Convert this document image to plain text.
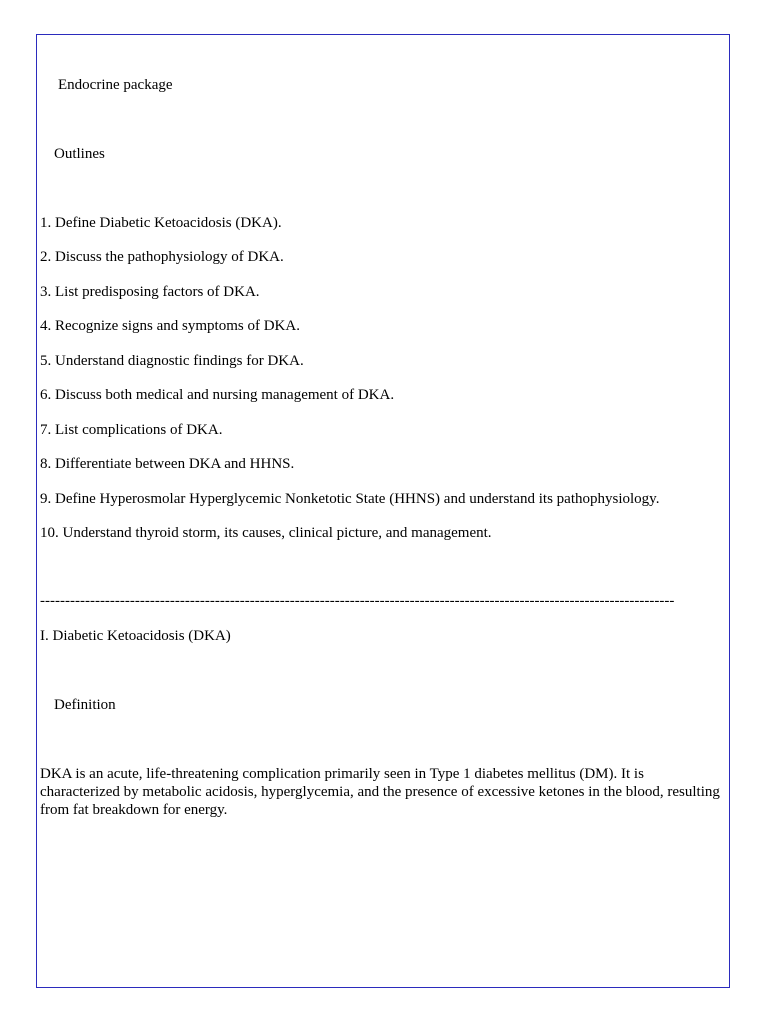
Endocrine package
Outlines
1. Define Diabetic Ketoacidosis (DKA).
2. Discuss the pathophysiology of DKA.
3. List predisposing factors of DKA.
4. Recognize signs and symptoms of DKA.
5. Understand diagnostic findings for DKA.
6. Discuss both medical and nursing management of DKA.
7. List complications of DKA.
8. Differentiate between DKA and HHNS.
9. Define Hyperosmolar Hyperglycemic Nonketotic State (HHNS) and understand its pathophysiology.
10. Understand thyroid storm, its causes, clinical picture, and management.
-------------------------------------------------------------------------------------------------------------------------------
I. Diabetic Ketoacidosis (DKA)
Definition
DKA is an acute, life-threatening complication primarily seen in Type 1 diabetes mellitus (DM). It is characterized by metabolic acidosis, hyperglycemia, and the presence of excessive ketones in the blood, resulting from fat breakdown for energy.
